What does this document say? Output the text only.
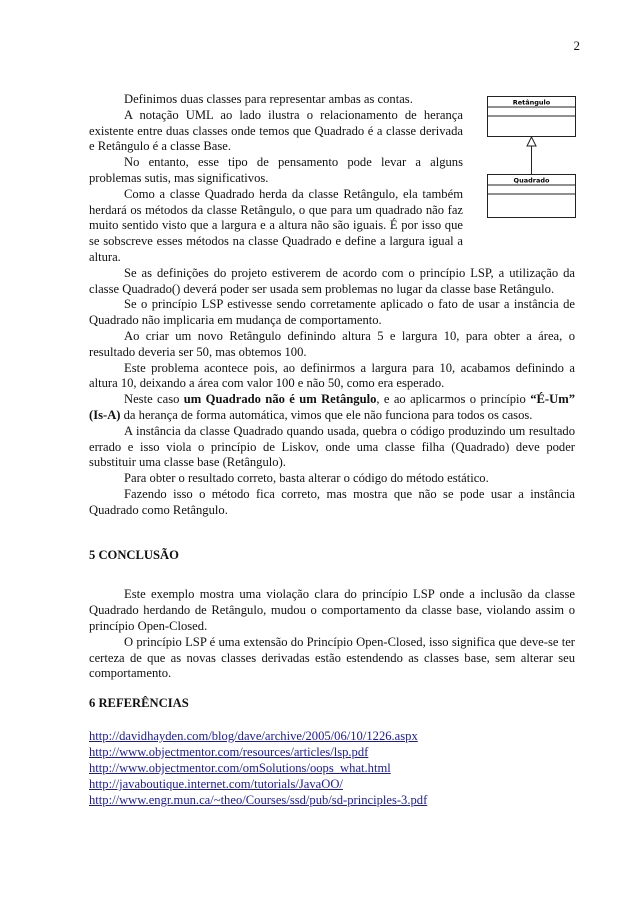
2
Retângulo
Quadrado

Definimos duas classes para representar ambas as contas.

A notação UML ao lado ilustra o relacionamento de herança existente entre duas classes onde temos que Quadrado é a classe derivada e Retângulo é a classe Base.

No entanto, esse tipo de pensamento pode levar a alguns problemas sutis, mas significativos.

Como a classe Quadrado herda da classe Retângulo, ela também herdará os métodos da classe Retângulo, o que para um quadrado não faz muito sentido visto que a largura e a altura não são iguais. É por isso que se sobscreve esses métodos na classe Quadrado e define a largura igual a altura.

Se as definições do projeto estiverem de acordo com o princípio LSP, a utilização da classe Quadrado() deverá poder ser usada sem problemas no lugar da classe base Retângulo.

Se o princípio LSP estivesse sendo corretamente aplicado o fato de usar a instância de Quadrado não implicaria em mudança de comportamento.

Ao criar um novo Retângulo definindo altura 5 e largura 10, para obter a área, o resultado deveria ser 50, mas obtemos 100.

Este problema acontece pois, ao definirmos a largura para 10, acabamos definindo a altura 10, deixando a área com valor 100 e não 50, como era esperado.

Neste caso um Quadrado não é um Retângulo, e ao aplicarmos o princípio “É-Um” (Is-A) da herança de forma automática, vimos que ele não funciona para todos os casos.

A instância da classe Quadrado quando usada, quebra o código produzindo um resultado errado e isso viola o princípio de Liskov, onde uma classe filha (Quadrado) deve poder substituir uma classe base (Retângulo).

Para obter o resultado correto, basta alterar o código do método estático.

Fazendo isso o método fica correto, mas mostra que não se pode usar a instância Quadrado como Retângulo.

5 CONCLUSÃO

Este exemplo mostra uma violação clara do princípio LSP onde a inclusão da classe Quadrado herdando de Retângulo, mudou o comportamento da classe base, violando assim o princípio Open-Closed.

O princípio LSP é uma extensão do Princípio Open-Closed, isso significa que deve-se ter certeza de que as novas classes derivadas estão estendendo as classes base, sem alterar seu comportamento.

6 REFERÊNCIAS
http://davidhayden.com/blog/dave/archive/2005/06/10/1226.aspx
http://www.objectmentor.com/resources/articles/lsp.pdf
http://www.objectmentor.com/omSolutions/oops_what.html
http://javaboutique.internet.com/tutorials/JavaOO/
http://www.engr.mun.ca/~theo/Courses/ssd/pub/sd-principles-3.pdf
